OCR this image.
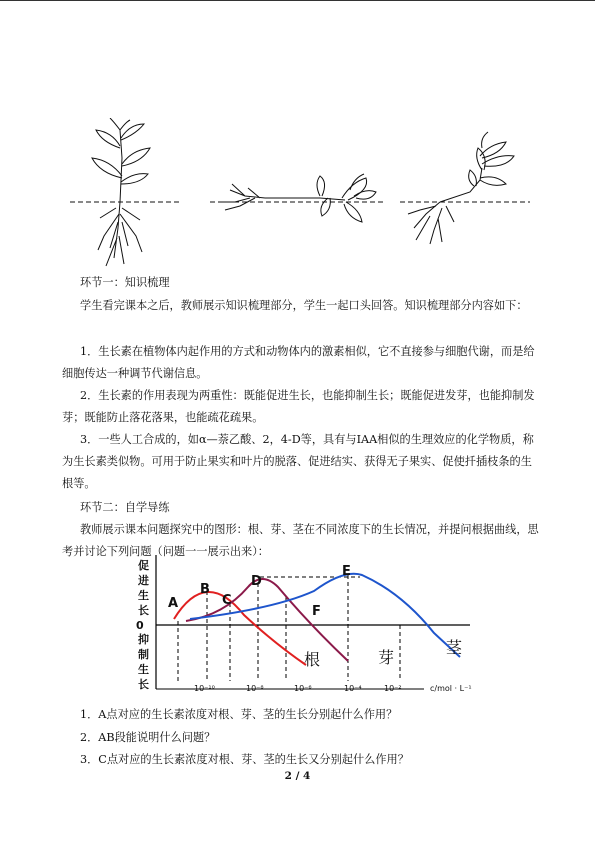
环节一：知识梳理

学生看完课本之后，教师展示知识梳理部分，学生一起口头回答。知识梳理部分内容如下：

1．生长素在植物体内起作用的方式和动物体内的激素相似，它不直接参与细胞代谢，而是给细胞传达一种调节代谢信息。

2．生长素的作用表现为两重性：既能促进生长，也能抑制生长；既能促进发芽，也能抑制发芽；既能防止落花落果，也能疏花疏果。

3．一些人工合成的，如α—萘乙酸、2，4-D等，具有与IAA相似的生理效应的化学物质，称为生长素类似物。可用于防止果实和叶片的脱落、促进结实、获得无子果实、促使扦插枝条的生根等。

环节二：自学导练

教师展示课本问题探究中的图形：根、芽、茎在不同浓度下的生长情况，并提问根据曲线，思考并讨论下列问题（问题一一展示出来）：

促
进
生
长
抑
制
生
长
0
A
B
C
D
E
F
根	芽
茎
10⁻¹⁰	10⁻⁸	10⁻⁶	10⁻⁴	10⁻²	c/mol · L⁻¹

1．A点对应的生长素浓度对根、芽、茎的生长分别起什么作用？

2．AB段能说明什么问题？

3．C点对应的生长素浓度对根、芽、茎的生长又分别起什么作用？

2 / 4
